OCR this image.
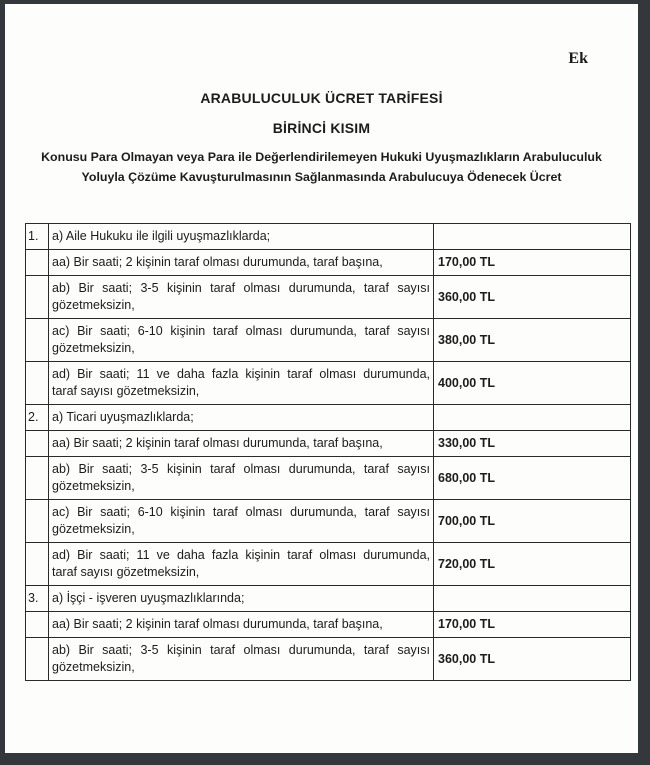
Ek
ARABULUCULUK ÜCRET TARİFESİ
BİRİNCİ KISIM
Konusu Para Olmayan veya Para ile Değerlendirilemeyen Hukuki Uyuşmazlıkların Arabuluculuk
Yoluyla Çözüme Kavuşturulmasının Sağlanmasında Arabulucuya Ödenecek Ücret
1.	a) Aile Hukuku ile ilgili uyuşmazlıklarda;	

	aa) Bir saati; 2 kişinin taraf olması durumunda, taraf başına,	170,00 TL

	ab) Bir saati; 3-5 kişinin taraf olması durumunda, taraf sayısı
gözetmeksizin,	360,00 TL

	ac) Bir saati; 6-10 kişinin taraf olması durumunda, taraf sayısı
gözetmeksizin,	380,00 TL

	ad) Bir saati; 11 ve daha fazla kişinin taraf olması durumunda,
taraf sayısı gözetmeksizin,	400,00 TL
2.	a) Ticari uyuşmazlıklarda;	

	aa) Bir saati; 2 kişinin taraf olması durumunda, taraf başına,	330,00 TL

	ab) Bir saati; 3-5 kişinin taraf olması durumunda, taraf sayısı
gözetmeksizin,	680,00 TL

	ac) Bir saati; 6-10 kişinin taraf olması durumunda, taraf sayısı
gözetmeksizin,	700,00 TL

	ad) Bir saati; 11 ve daha fazla kişinin taraf olması durumunda,
taraf sayısı gözetmeksizin,	720,00 TL
3.	a) İşçi - işveren uyuşmazlıklarında;	

	aa) Bir saati; 2 kişinin taraf olması durumunda, taraf başına,	170,00 TL

	ab) Bir saati; 3-5 kişinin taraf olması durumunda, taraf sayısı
gözetmeksizin,	360,00 TL
